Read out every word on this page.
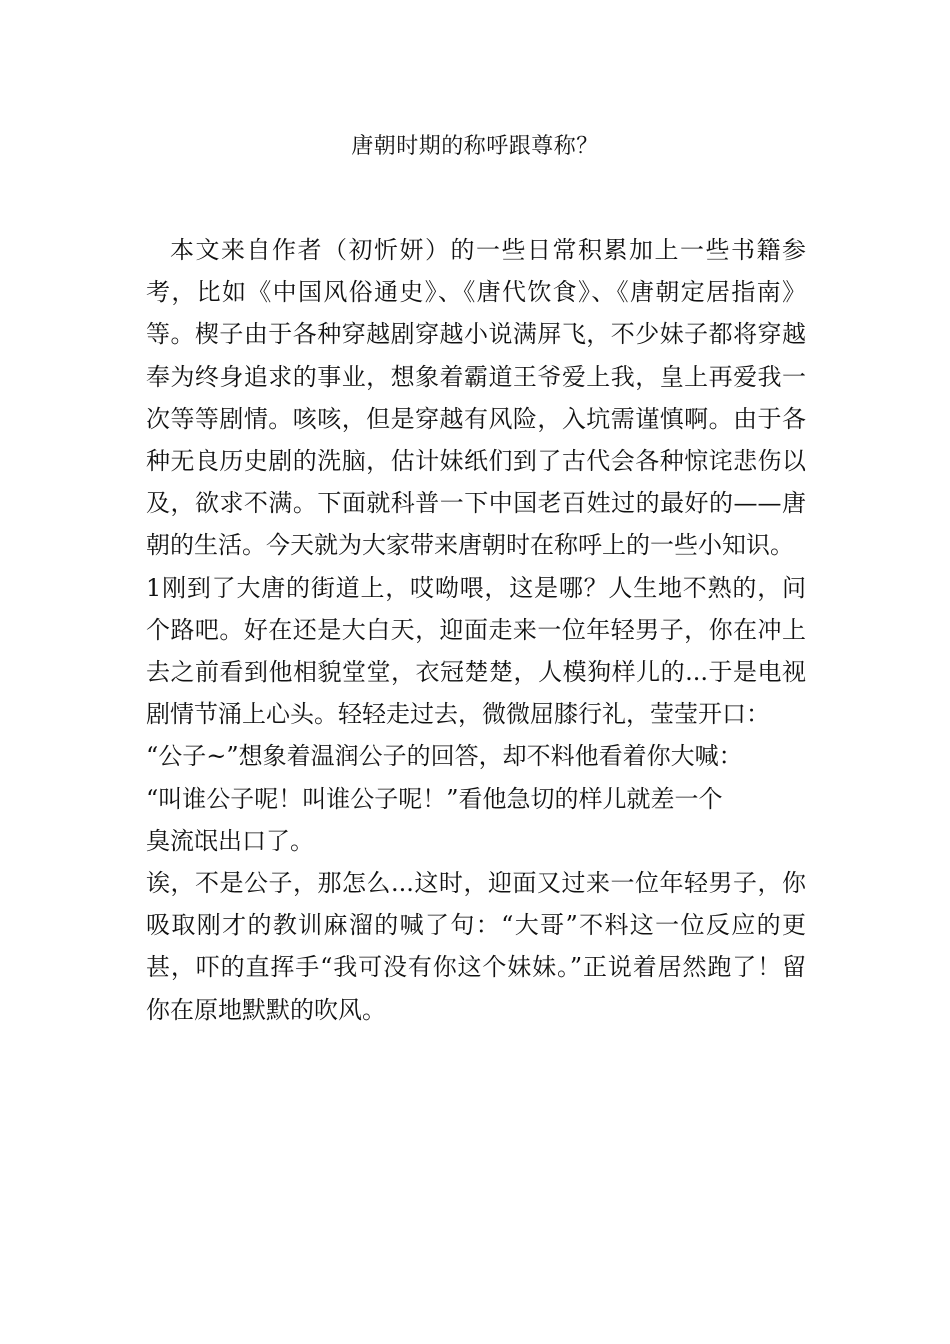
唐朝时期的称呼跟尊称？

本文来自作者（初忻妍）的一些日常积累加上一些书籍参考，比如《中国风俗通史》、《唐代饮食》、《唐朝定居指南》等。楔子由于各种穿越剧穿越小说满屏飞，不少妹子都将穿越奉为终身追求的事业，想象着霸道王爷爱上我，皇上再爱我一次等等剧情。咳咳，但是穿越有风险，入坑需谨慎啊。由于各种无良历史剧的洗脑，估计妹纸们到了古代会各种惊诧悲伤以及，欲求不满。下面就科普一下中国老百姓过的最好的——唐朝的生活。今天就为大家带来唐朝时在称呼上的一些小知识。

1刚到了大唐的街道上，哎呦喂，这是哪？人生地不熟的，问个路吧。好在还是大白天，迎面走来一位年轻男子，你在冲上去之前看到他相貌堂堂，衣冠楚楚，人模狗样儿的...于是电视剧情节涌上心头。轻轻走过去，微微屈膝行礼，莹莹开口：

“公子~”想象着温润公子的回答，却不料他看着你大喊：

“叫谁公子呢！叫谁公子呢！”看他急切的样儿就差一个

臭流氓出口了。

诶，不是公子，那怎么...这时，迎面又过来一位年轻男子，你吸取刚才的教训麻溜的喊了句：“大哥”不料这一位反应的更甚，吓的直挥手“我可没有你这个妹妹。”正说着居然跑了！留你在原地默默的吹风。
